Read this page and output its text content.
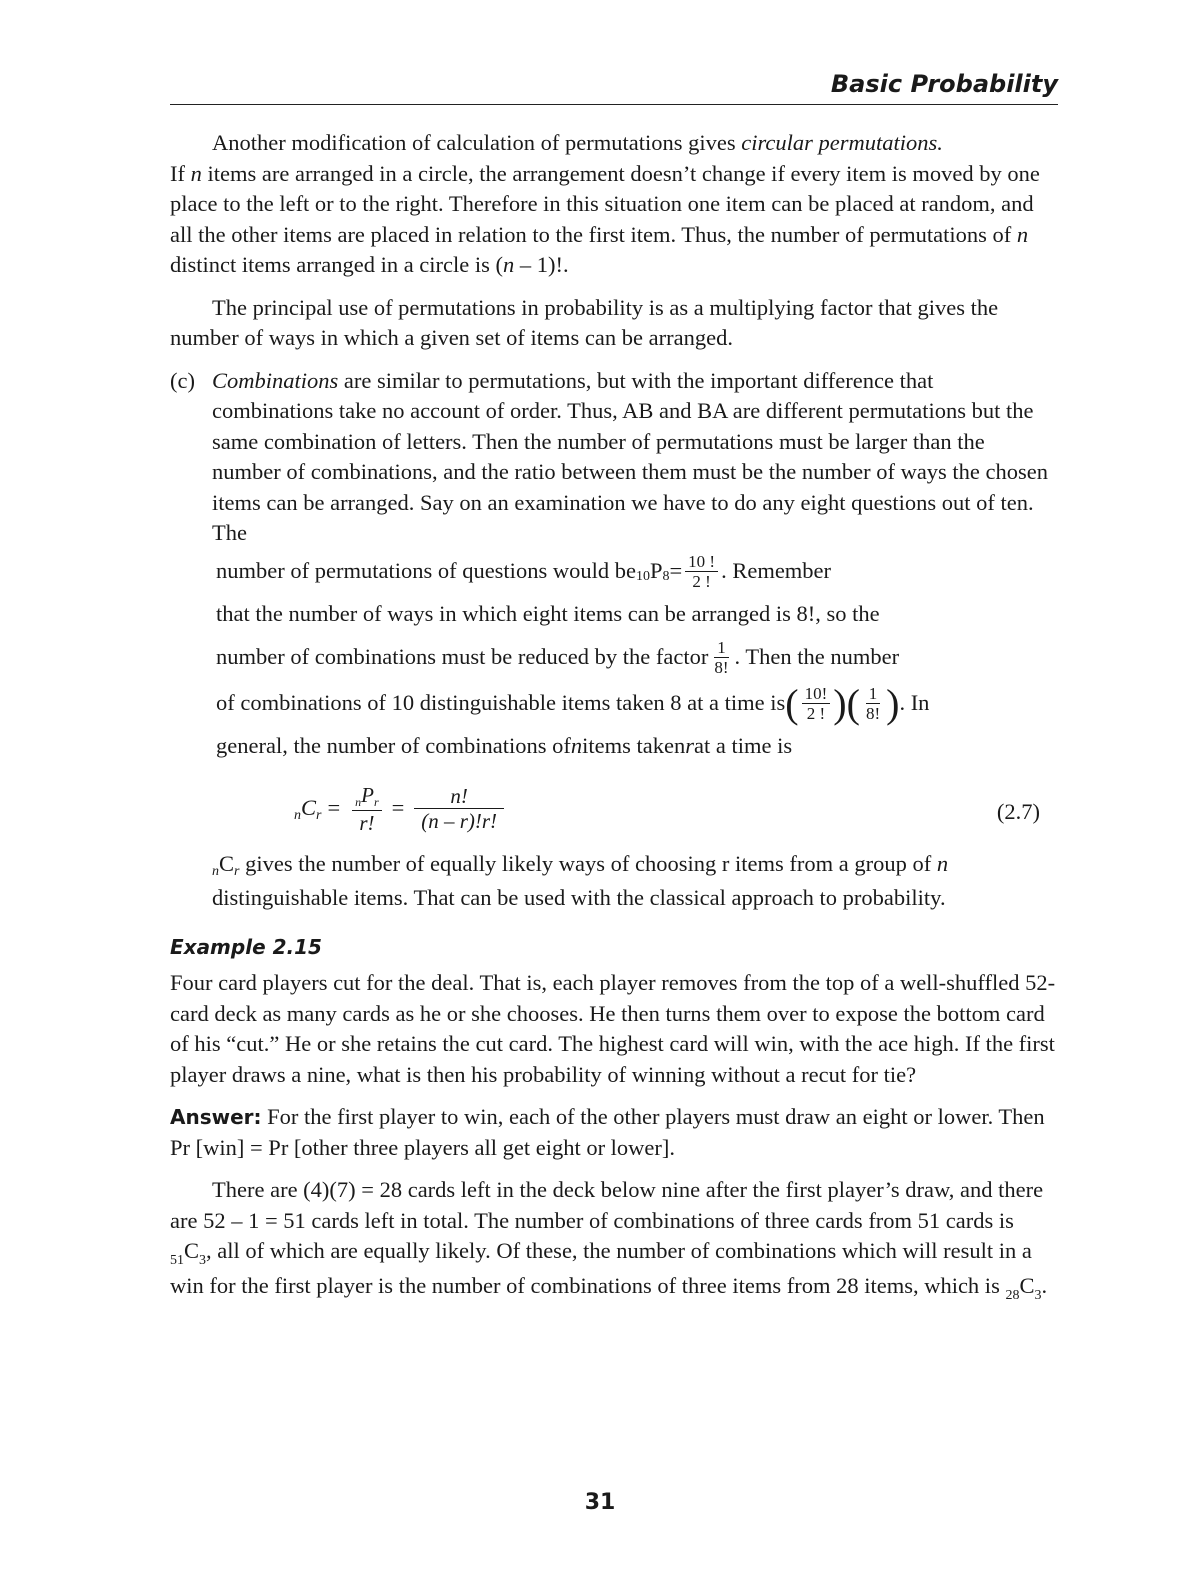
Basic Probability

Another modification of calculation of permutations gives circular permutations.
If n items are arranged in a circle, the arrangement doesn’t change if every item is moved by one place to the left or to the right. Therefore in this situation one item can be placed at random, and all the other items are placed in relation to the first item. Thus, the number of permutations of n distinct items arranged in a circle is (n – 1)!.

The principal use of permutations in probability is as a multiplying factor that gives the number of ways in which a given set of items can be arranged.

(c) Combinations are similar to permutations, but with the important difference that combinations take no account of order. Thus, AB and BA are different permutations but the same combination of letters. Then the number of permutations must be larger than the number of combinations, and the ratio between them must be the number of ways the chosen items can be arranged. Say on an examination we have to do any eight questions out of ten. The

number of permutations of questions would be 10 P $8 = \frac{10 !}{2 !}$ . Remember
that the number of ways in which eight items can be arranged is 8!, so the
number of combinations must be reduced by the factor $\frac{1}{8!}$ . Then the number
of combinations of 10 distinguishable items taken 8 at a time is ( $\frac{10!}{2 !}$ ) ( $\frac{1}{8!}$ ) . In
general, the number of combinations of n items taken r at a time is
n C $r = \frac{\text{nPr}}{r!} = \frac{n!}{(n - r)!r!}$	(2.7)

nCr gives the number of equally likely ways of choosing r items from a group of n distinguishable items. That can be used with the classical approach to probability.

Example 2.15

Four card players cut for the deal. That is, each player removes from the top of a well-shuffled 52-card deck as many cards as he or she chooses. He then turns them over to expose the bottom card of his “cut.” He or she retains the cut card. The highest card will win, with the ace high. If the first player draws a nine, what is then his probability of winning without a recut for tie?

Answer: For the first player to win, each of the other players must draw an eight or lower. Then Pr [win] = Pr [other three players all get eight or lower].

There are (4)(7) = 28 cards left in the deck below nine after the first player’s draw, and there are 52 – 1 = 51 cards left in total. The number of combinations of three cards from 51 cards is $_{51}C_3$, all of which are equally likely. Of these, the number of combinations which will result in a win for the first player is the number of combinations of three items from 28 items, which is $_{28}C_3$.

31
